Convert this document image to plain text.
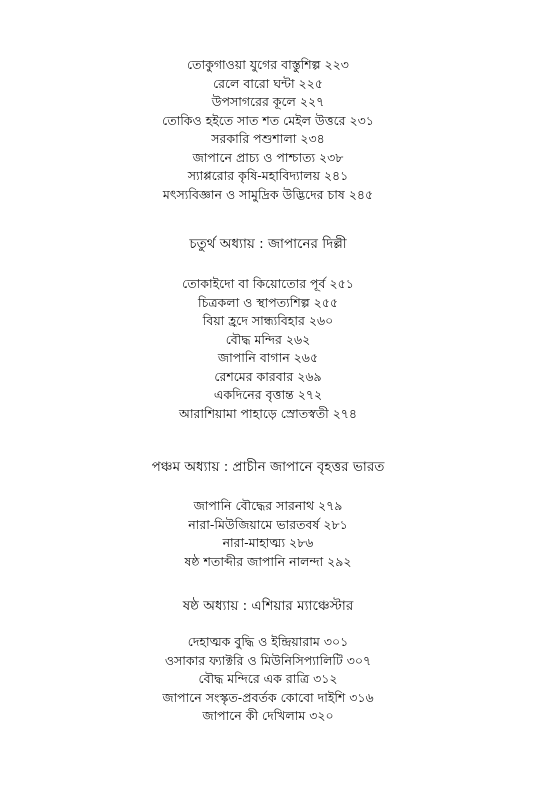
তোকুগাওয়া যুগের বাস্তুশিল্প ২২৩
রেলে বারো ঘন্টা ২২৫
উপসাগরের কূলে ২২৭
তোকিও হইতে সাত শত মেইল উত্তরে ২৩১
সরকারি পশুশালা ২৩৪
জাপানে প্রাচ্য ও পাশ্চাত্য ২৩৮
স্যাপ্পরোর কৃষি-মহাবিদ্যালয় ২৪১
মৎস্যবিজ্ঞান ও সামুদ্রিক উদ্ভিদের চাষ ২৪৫
চতুর্থ অধ্যায় : জাপানের দিল্লী
তোকাইদো বা কিয়োতোর পূর্ব ২৫১
চিত্রকলা ও স্থাপত্যশিল্প ২৫৫
বিয়া হ্রদে সান্ধ্যবিহার ২৬০
বৌদ্ধ মন্দির ২৬২
জাপানি বাগান ২৬৫
রেশমের কারবার ২৬৯
একদিনের বৃত্তান্ত ২৭২
আরাশিয়ামা পাহাড়ে স্রোতস্বতী ২৭৪
পঞ্চম অধ্যায় : প্রাচীন জাপানে বৃহত্তর ভারত
জাপানি বৌদ্ধের সারনাথ ২৭৯
নারা-মিউজিয়ামে ভারতবর্ষ ২৮১
নারা-মাহাত্ম্য ২৮৬
ষষ্ঠ শতাব্দীর জাপানি নালন্দা ২৯২
ষষ্ঠ অধ্যায় : এশিয়ার ম্যাঞ্চেস্টার
দেহাত্মক বুদ্ধি ও ইন্দ্রিয়ারাম ৩০১
ওসাকার ফ্যাক্টরি ও মিউনিসিপ্যালিটি ৩০৭
বৌদ্ধ মন্দিরে এক রাত্রি ৩১২
জাপানে সংস্কৃত-প্রবর্তক কোবো দাইশি ৩১৬
জাপানে কী দেখিলাম ৩২০
